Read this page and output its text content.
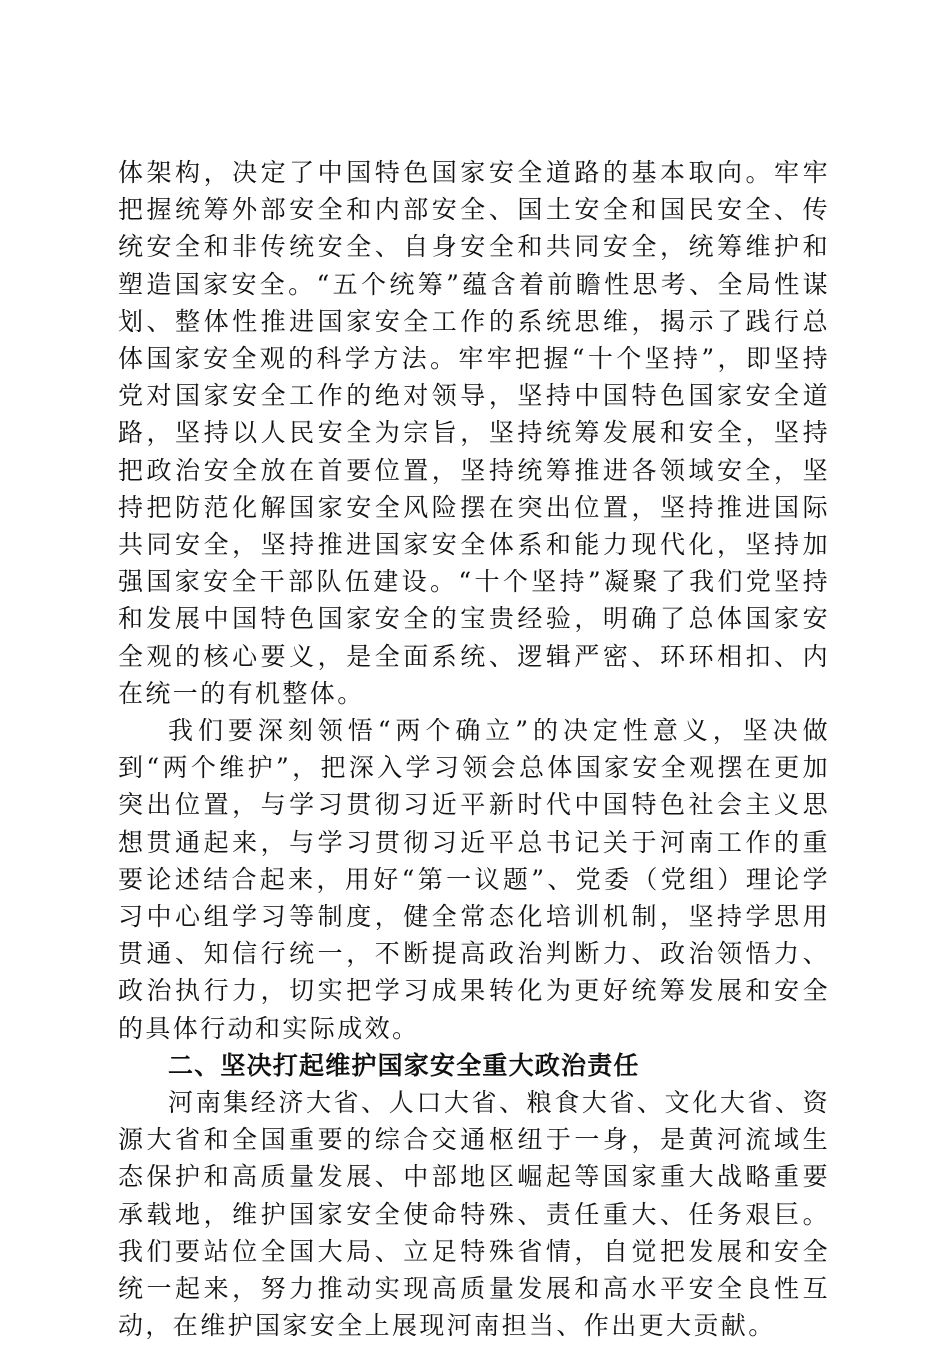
体架构，决定了中国特色国家安全道路的基本取向。牢牢把握统筹外部安全和内部安全、国土安全和国民安全、传统安全和非传统安全、自身安全和共同安全，统筹维护和塑造国家安全。“五个统筹”蕴含着前瞻性思考、全局性谋划、整体性推进国家安全工作的系统思维，揭示了践行总体国家安全观的科学方法。牢牢把握“十个坚持”，即坚持党对国家安全工作的绝对领导，坚持中国特色国家安全道路，坚持以人民安全为宗旨，坚持统筹发展和安全，坚持把政治安全放在首要位置，坚持统筹推进各领域安全，坚持把防范化解国家安全风险摆在突出位置，坚持推进国际共同安全，坚持推进国家安全体系和能力现代化，坚持加强国家安全干部队伍建设。“十个坚持”凝聚了我们党坚持和发展中国特色国家安全的宝贵经验，明确了总体国家安全观的核心要义，是全面系统、逻辑严密、环环相扣、内在统一的有机整体。

我们要深刻领悟“两个确立”的决定性意义，坚决做到“两个维护”，把深入学习领会总体国家安全观摆在更加突出位置，与学习贯彻习近平新时代中国特色社会主义思想贯通起来，与学习贯彻习近平总书记关于河南工作的重要论述结合起来，用好“第一议题”、党委（党组）理论学习中心组学习等制度，健全常态化培训机制，坚持学思用贯通、知信行统一，不断提高政治判断力、政治领悟力、政治执行力，切实把学习成果转化为更好统筹发展和安全的具体行动和实际成效。

二、坚决打起维护国家安全重大政治责任

河南集经济大省、人口大省、粮食大省、文化大省、资源大省和全国重要的综合交通枢纽于一身，是黄河流域生态保护和高质量发展、中部地区崛起等国家重大战略重要承载地，维护国家安全使命特殊、责任重大、任务艰巨。我们要站位全国大局、立足特殊省情，自觉把发展和安全统一起来，努力推动实现高质量发展和高水平安全良性互动，在维护国家安全上展现河南担当、作出更大贡献。
